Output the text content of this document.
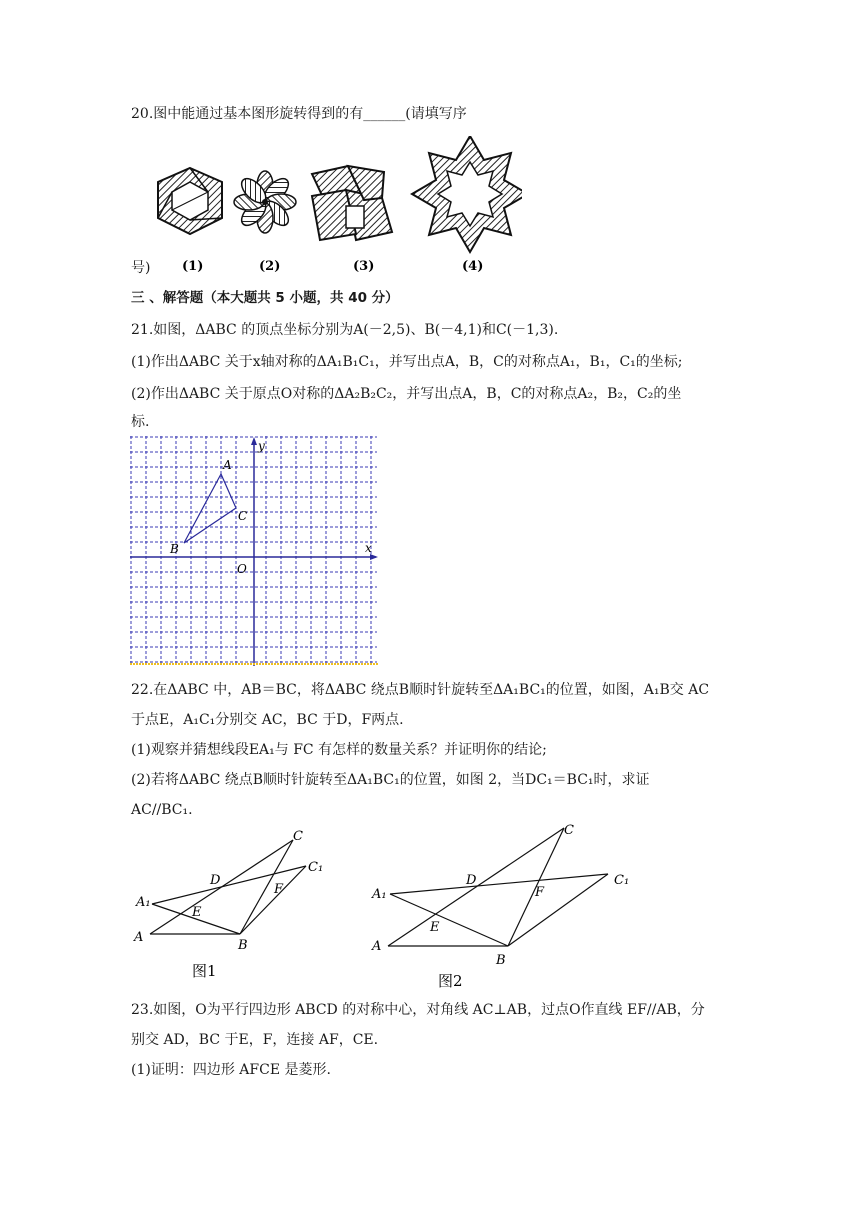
20.图中能通过基本图形旋转得到的有______(请填写序
(1)	(2)	(3)	(4)
号)
三 、解答题（本大题共 5 小题，共 40 分）
21.如图，ΔABC 的顶点坐标分别为A(－2,5)、B(－4,1)和C(－1,3).
(1)作出ΔABC 关于x轴对称的ΔA₁B₁C₁，并写出点A，B，C的对称点A₁，B₁，C₁的坐标;
(2)作出ΔABC 关于原点O对称的ΔA₂B₂C₂，并写出点A，B，C的对称点A₂，B₂，C₂的坐
标.
y
x
O
A
B
C
22.在ΔABC 中，AB＝BC，将ΔABC 绕点B顺时针旋转至ΔA₁BC₁的位置，如图，A₁B交 AC
于点E，A₁C₁分别交 AC，BC 于D，F两点.
(1)观察并猜想线段EA₁与 FC 有怎样的数量关系？并证明你的结论;
(2)若将ΔABC 绕点B顺时针旋转至ΔA₁BC₁的位置，如图 2，当DC₁＝BC₁时，求证
AC//BC₁.
C
C₁
D
F
A₁
E
A
B
图1
C
C₁
D
F
A₁
E
A
B
图2
23.如图，O为平行四边形 ABCD 的对称中心，对角线 AC⊥AB，过点O作直线 EF//AB，分
别交 AD，BC 于E，F，连接 AF，CE.
(1)证明：四边形 AFCE 是菱形.
